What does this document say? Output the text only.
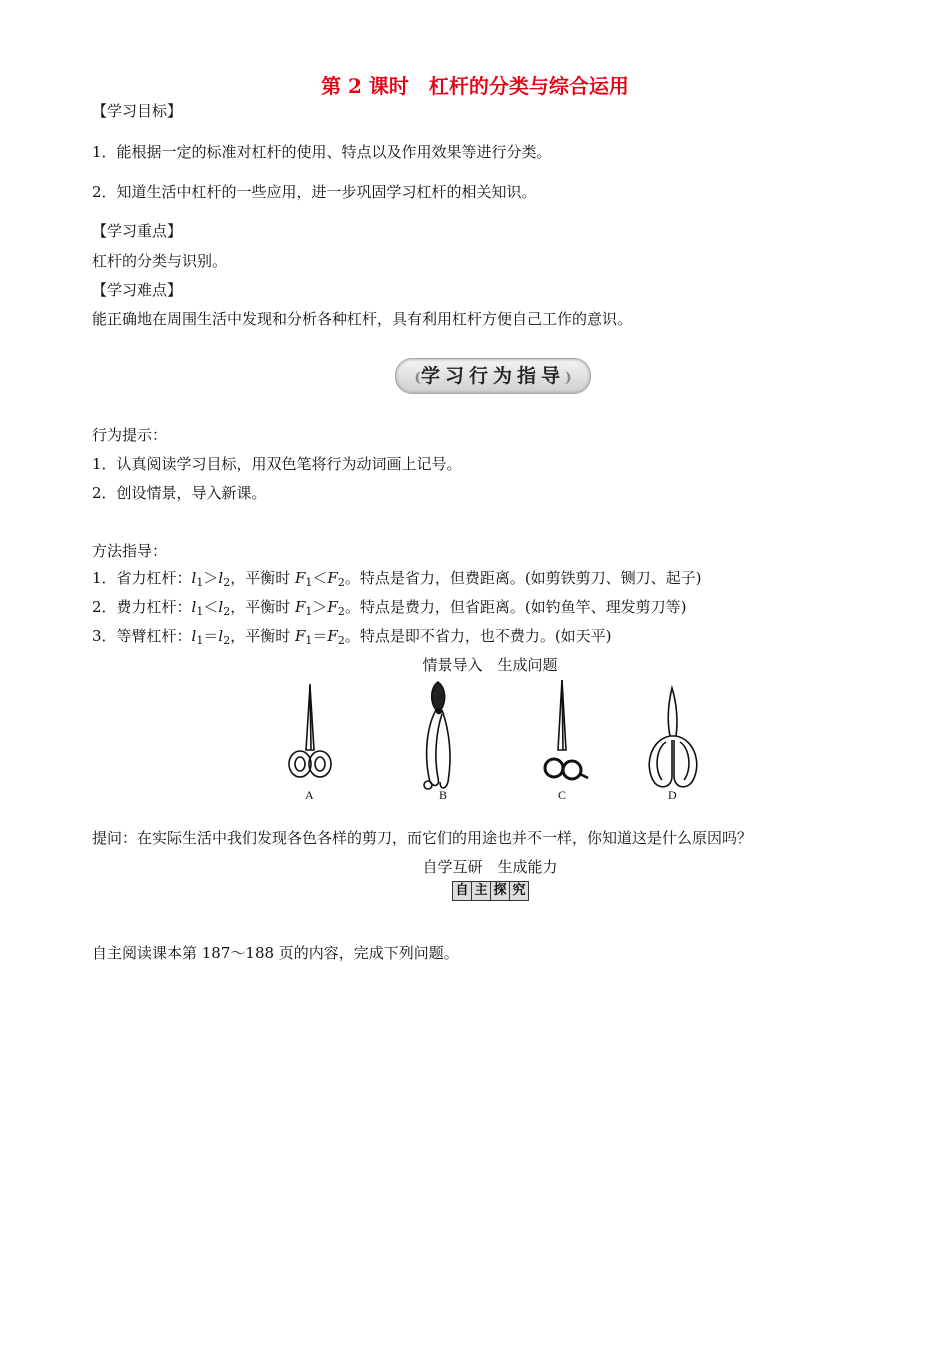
第 2 课时　杠杆的分类与综合运用
【学习目标】
1．能根据一定的标准对杠杆的使用、特点以及作用效果等进行分类。
2．知道生活中杠杆的一些应用，进一步巩固学习杠杆的相关知识。
【学习重点】
杠杆的分类与识别。
【学习难点】
能正确地在周围生活中发现和分析各种杠杆，具有利用杠杆方便自己工作的意识。
(学习行为指导)
行为提示：
1．认真阅读学习目标，用双色笔将行为动词画上记号。
2．创设情景，导入新课。
方法指导：
1．省力杠杆：$l_1>l_2$，平衡时 $F_1<F_2$。特点是省力，但费距离。(如剪铁剪刀、铡刀、起子)
2．费力杠杆：$l_1<l_2$，平衡时 $F_1>F_2$。特点是费力，但省距离。(如钓鱼竿、理发剪刀等)
3．等臂杠杆：$l_1=l_2$，平衡时 $F_1=F_2$。特点是即不省力，也不费力。(如天平)
情景导入　生成问题
A	B	C	D
提问：在实际生活中我们发现各色各样的剪刀，而它们的用途也并不一样，你知道这是什么原因吗？
自学互研　生成能力
自 主 探 究
自主阅读课本第 187～188 页的内容，完成下列问题。
